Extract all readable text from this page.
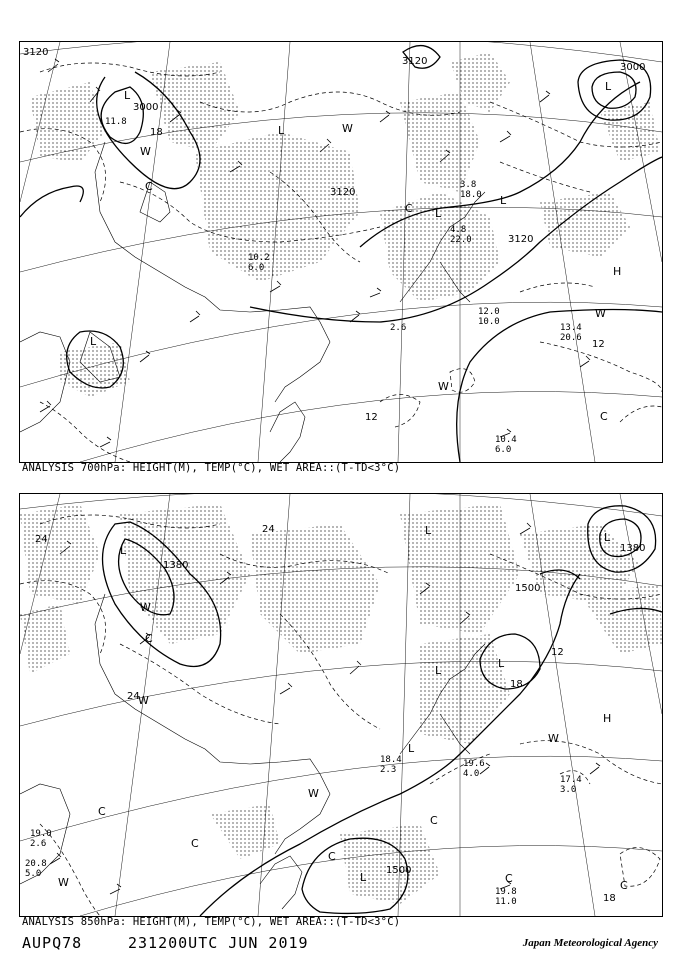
3120
3000
3000
3120
3120
3120
12
12
18
L
L
L
L
L
L
H
W
W
W
W
C
C
C
11.8
2.6
12.0
10.0
13.4
20.6
10.4
6.0
4.8
22.0
3.8
18.0
10.2
6.0
ANALYSIS 700hPa: HEIGHT(M), TEMP(°C), WET AREA::(T-TD<3°C)
1380
1380
1500
1500
24
24
24
18
18
12
L
L
L
L
L
L
L
H
W
W
W
W
W
C
C
C
C
C
C
C
19.6
4.0
17.4
3.0
19.8
11.0
19.0
2.6
20.8
5.0
18.4
2.3
ANALYSIS 850hPa: HEIGHT(M), TEMP(°C), WET AREA::(T-TD<3°C)
AUPQ78	231200UTC JUN 2019	Japan Meteorological Agency
